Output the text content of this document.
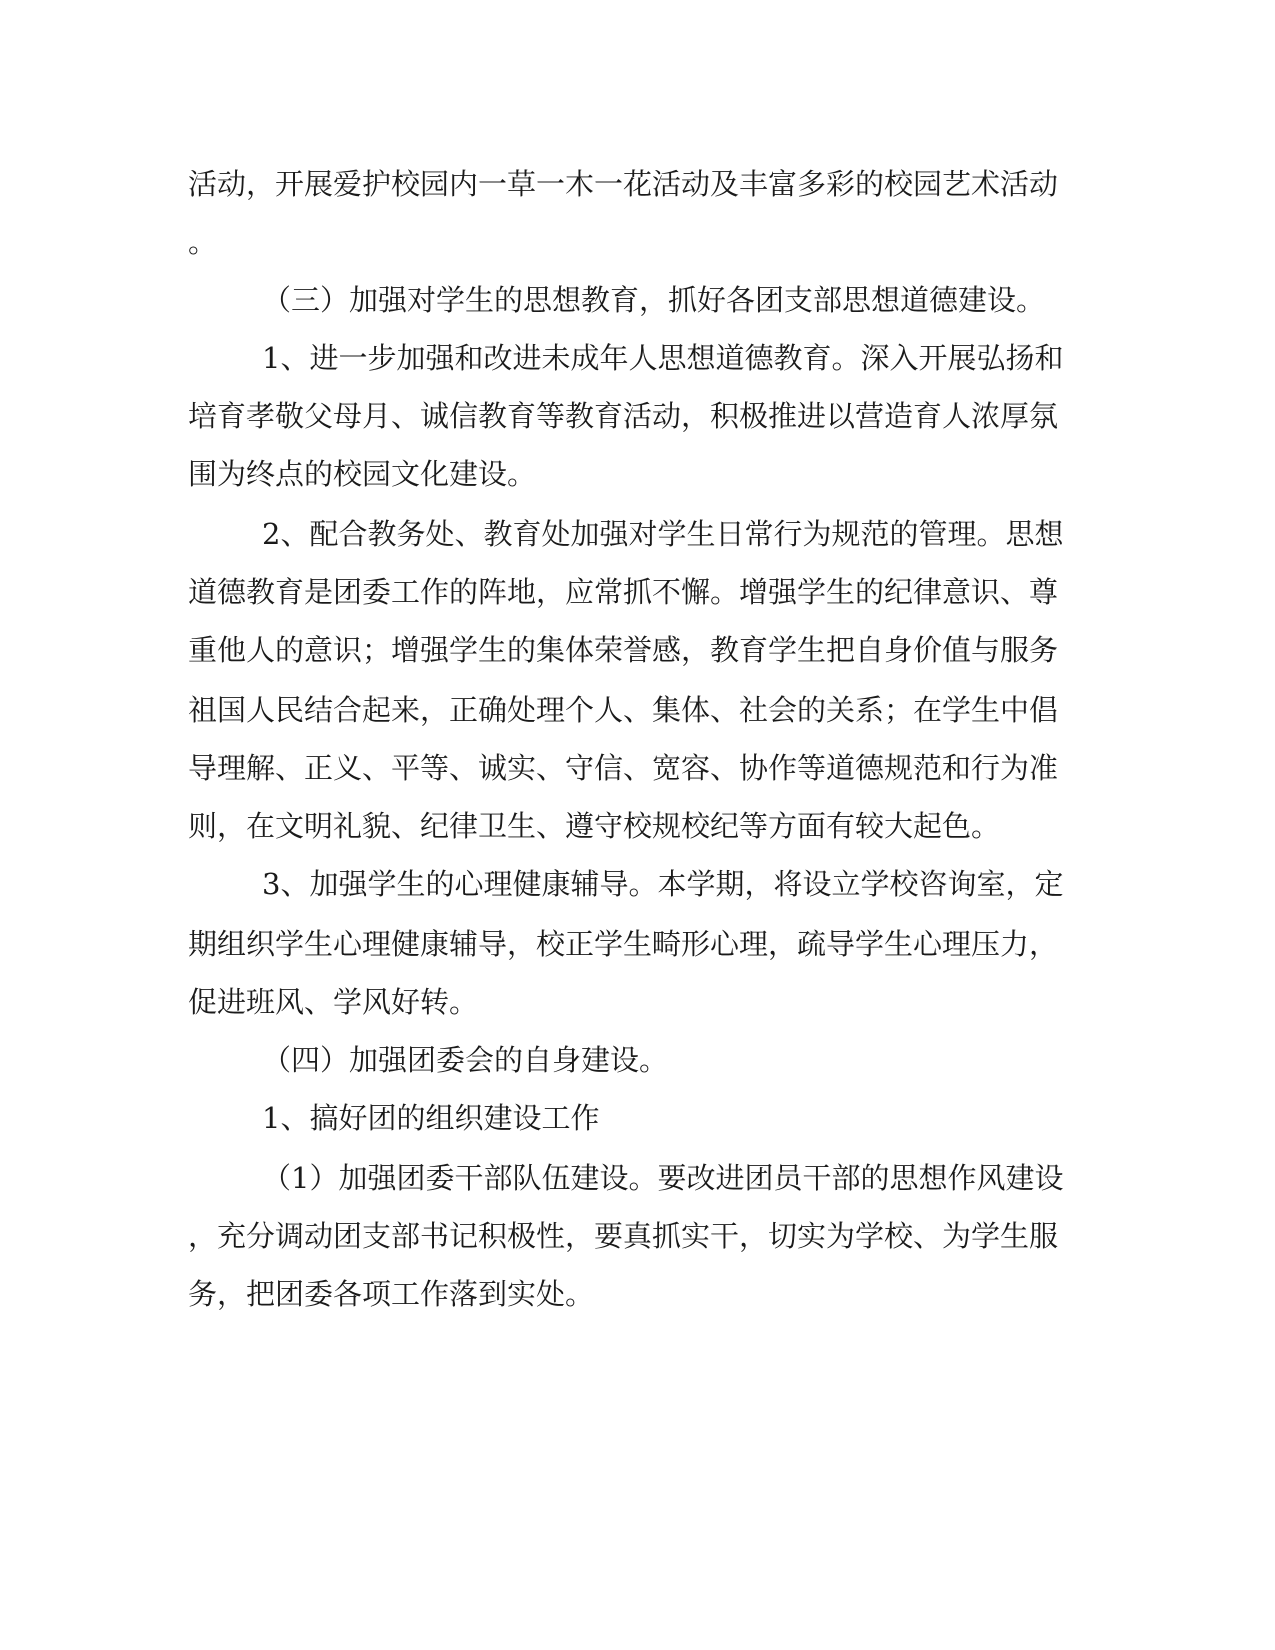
活动，开展爱护校园内一草一木一花活动及丰富多彩的校园艺术活动
。
（三）加强对学生的思想教育，抓好各团支部思想道德建设。
1、进一步加强和改进未成年人思想道德教育。深入开展弘扬和
培育孝敬父母月、诚信教育等教育活动，积极推进以营造育人浓厚氛
围为终点的校园文化建设。
2、配合教务处、教育处加强对学生日常行为规范的管理。思想
道德教育是团委工作的阵地，应常抓不懈。增强学生的纪律意识、尊
重他人的意识；增强学生的集体荣誉感，教育学生把自身价值与服务
祖国人民结合起来，正确处理个人、集体、社会的关系；在学生中倡
导理解、正义、平等、诚实、守信、宽容、协作等道德规范和行为准
则，在文明礼貌、纪律卫生、遵守校规校纪等方面有较大起色。
3、加强学生的心理健康辅导。本学期，将设立学校咨询室，定
期组织学生心理健康辅导，校正学生畸形心理，疏导学生心理压力，
促进班风、学风好转。
（四）加强团委会的自身建设。
1、搞好团的组织建设工作
（1）加强团委干部队伍建设。要改进团员干部的思想作风建设
，充分调动团支部书记积极性，要真抓实干，切实为学校、为学生服
务，把团委各项工作落到实处。
